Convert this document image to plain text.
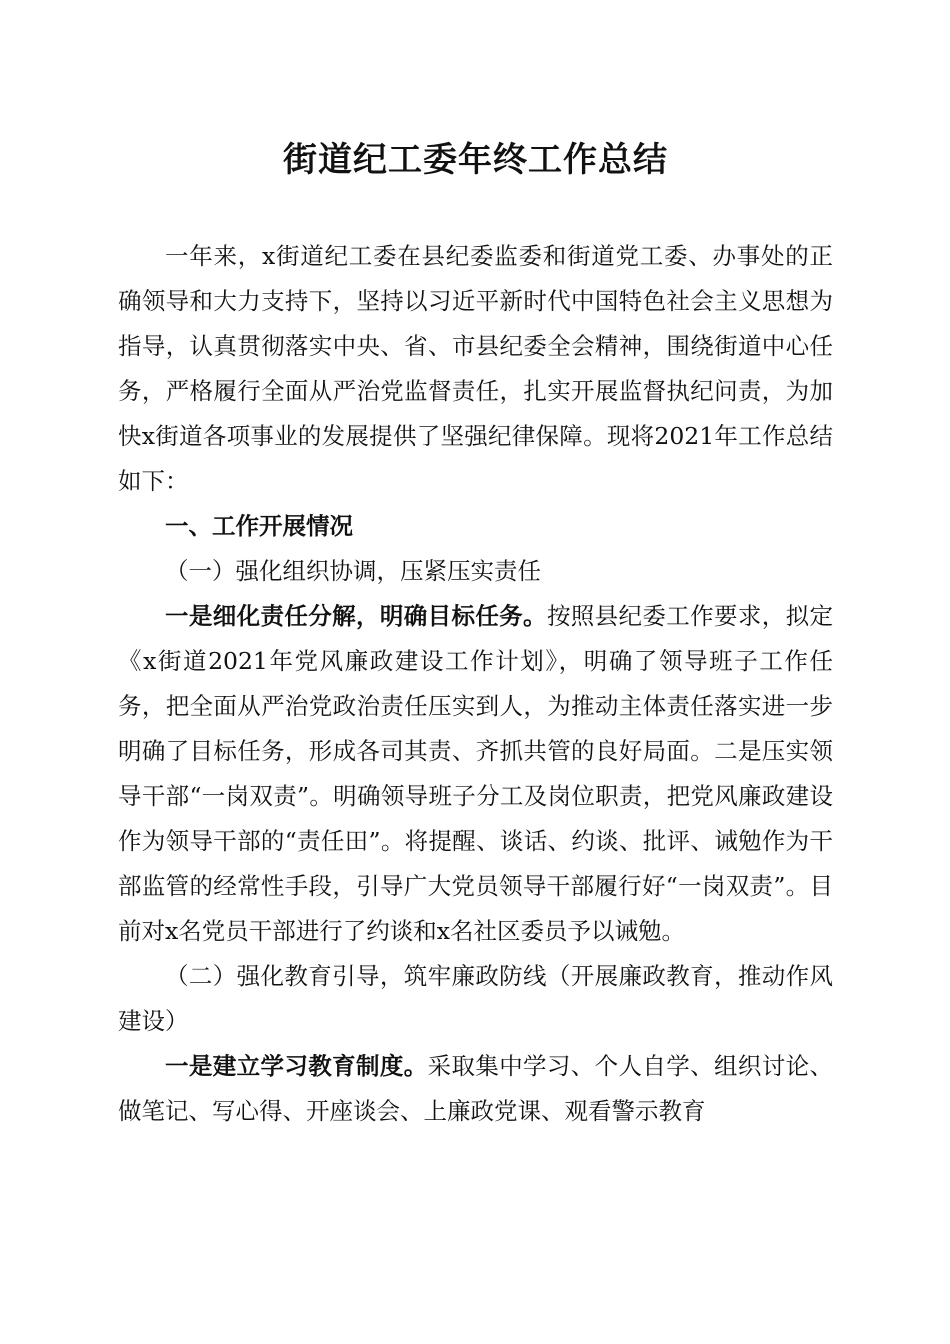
街道纪工委年终工作总结

一年来，x街道纪工委在县纪委监委和街道党工委、办事处的正确领导和大力支持下，坚持以习近平新时代中国特色社会主义思想为指导，认真贯彻落实中央、省、市县纪委全会精神，围绕街道中心任务，严格履行全面从严治党监督责任，扎实开展监督执纪问责，为加快x街道各项事业的发展提供了坚强纪律保障。现将2021年工作总结如下：

一、工作开展情况

（一）强化组织协调，压紧压实责任

一是细化责任分解，明确目标任务。按照县纪委工作要求，拟定《x街道2021年党风廉政建设工作计划》，明确了领导班子工作任务，把全面从严治党政治责任压实到人，为推动主体责任落实进一步明确了目标任务，形成各司其责、齐抓共管的良好局面。二是压实领导干部“一岗双责”。明确领导班子分工及岗位职责，把党风廉政建设作为领导干部的“责任田”。将提醒、谈话、约谈、批评、诫勉作为干部监管的经常性手段，引导广大党员领导干部履行好“一岗双责”。目前对x名党员干部进行了约谈和x名社区委员予以诫勉。

（二）强化教育引导，筑牢廉政防线（开展廉政教育，推动作风建设）

一是建立学习教育制度。采取集中学习、个人自学、组织讨论、做笔记、写心得、开座谈会、上廉政党课、观看警示教育
